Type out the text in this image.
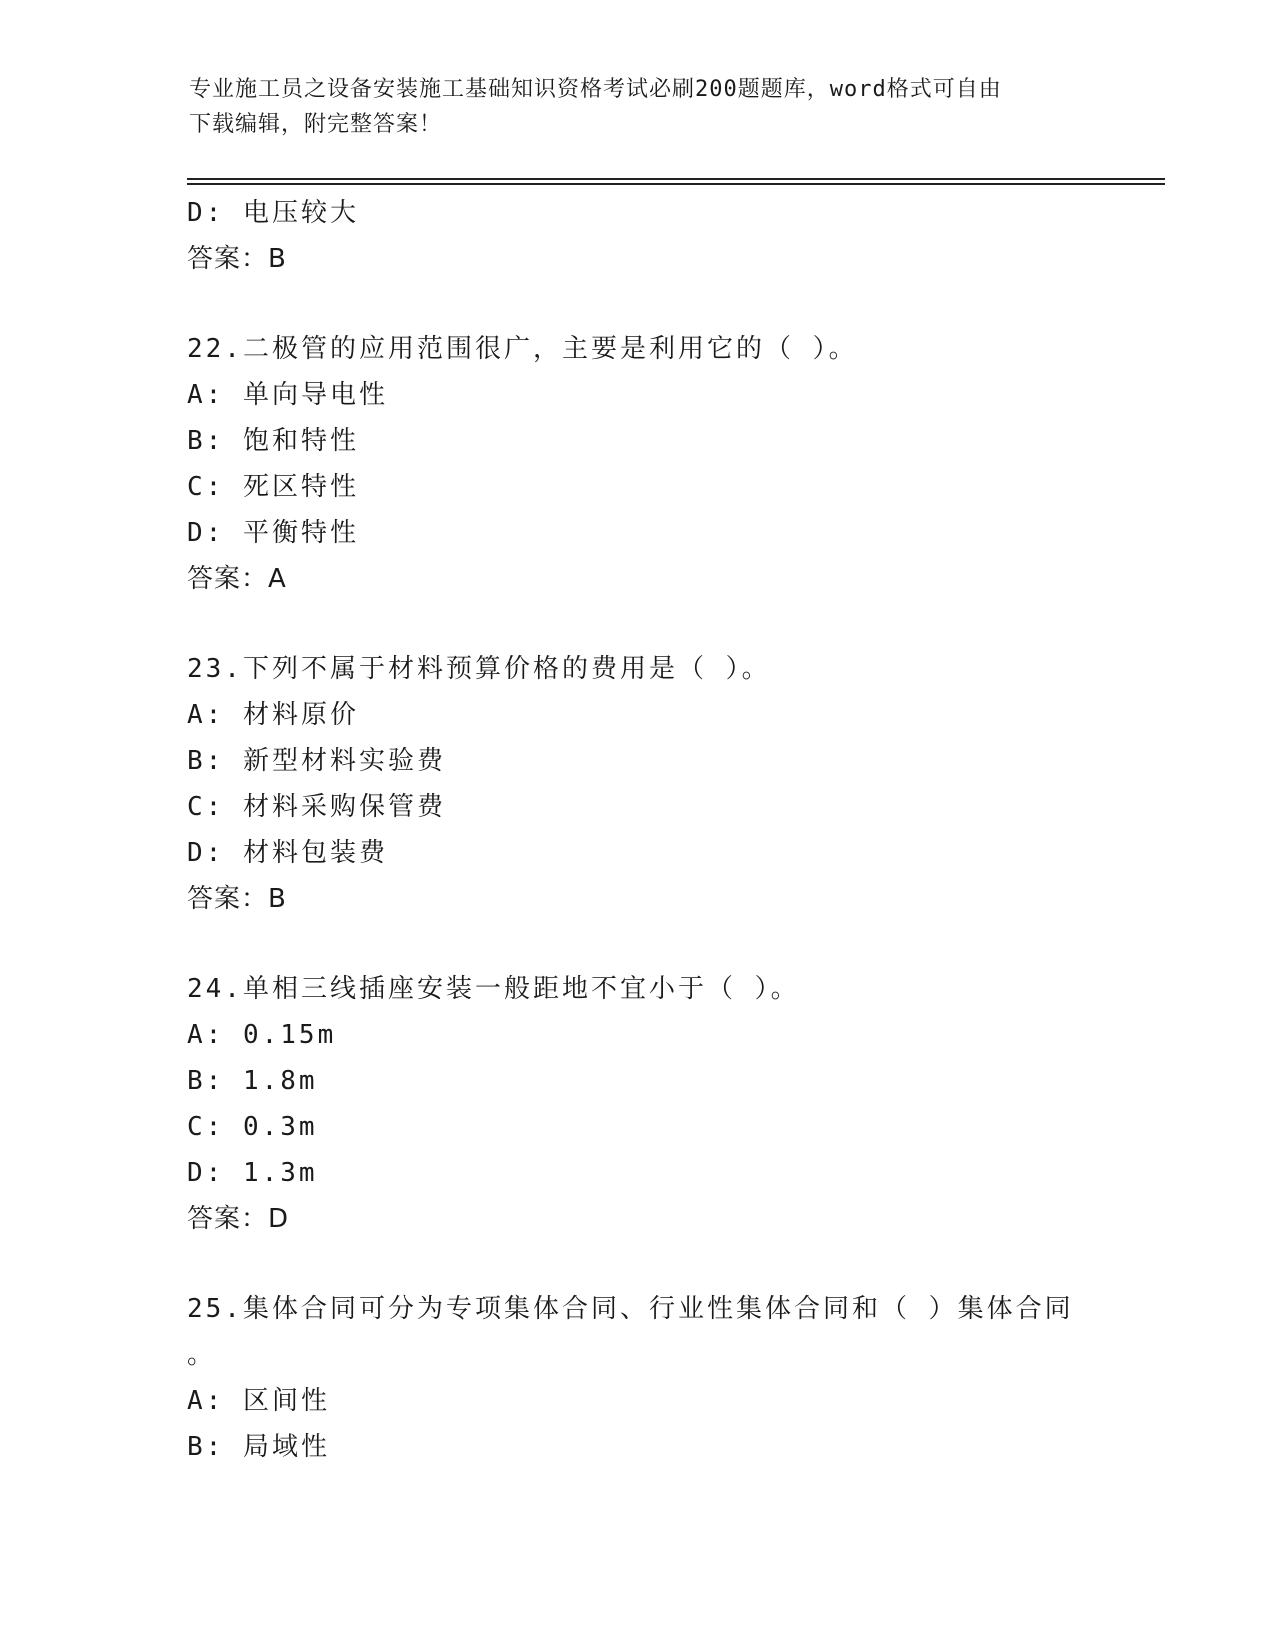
专业施工员之设备安装施工基础知识资格考试必刷200题题库，word格式可自由
下载编辑，附完整答案！
D: 电压较大
答案：B
22.二极管的应用范围很广，主要是利用它的（ ）。
A: 单向导电性
B: 饱和特性
C: 死区特性
D: 平衡特性
答案：A
23.下列不属于材料预算价格的费用是（ ）。
A: 材料原价
B: 新型材料实验费
C: 材料采购保管费
D: 材料包装费
答案：B
24.单相三线插座安装一般距地不宜小于（ ）。
A: 0.15m
B: 1.8m
C: 0.3m
D: 1.3m
答案：D
25.集体合同可分为专项集体合同、行业性集体合同和（ ）集体合同
。
A: 区间性
B: 局域性
